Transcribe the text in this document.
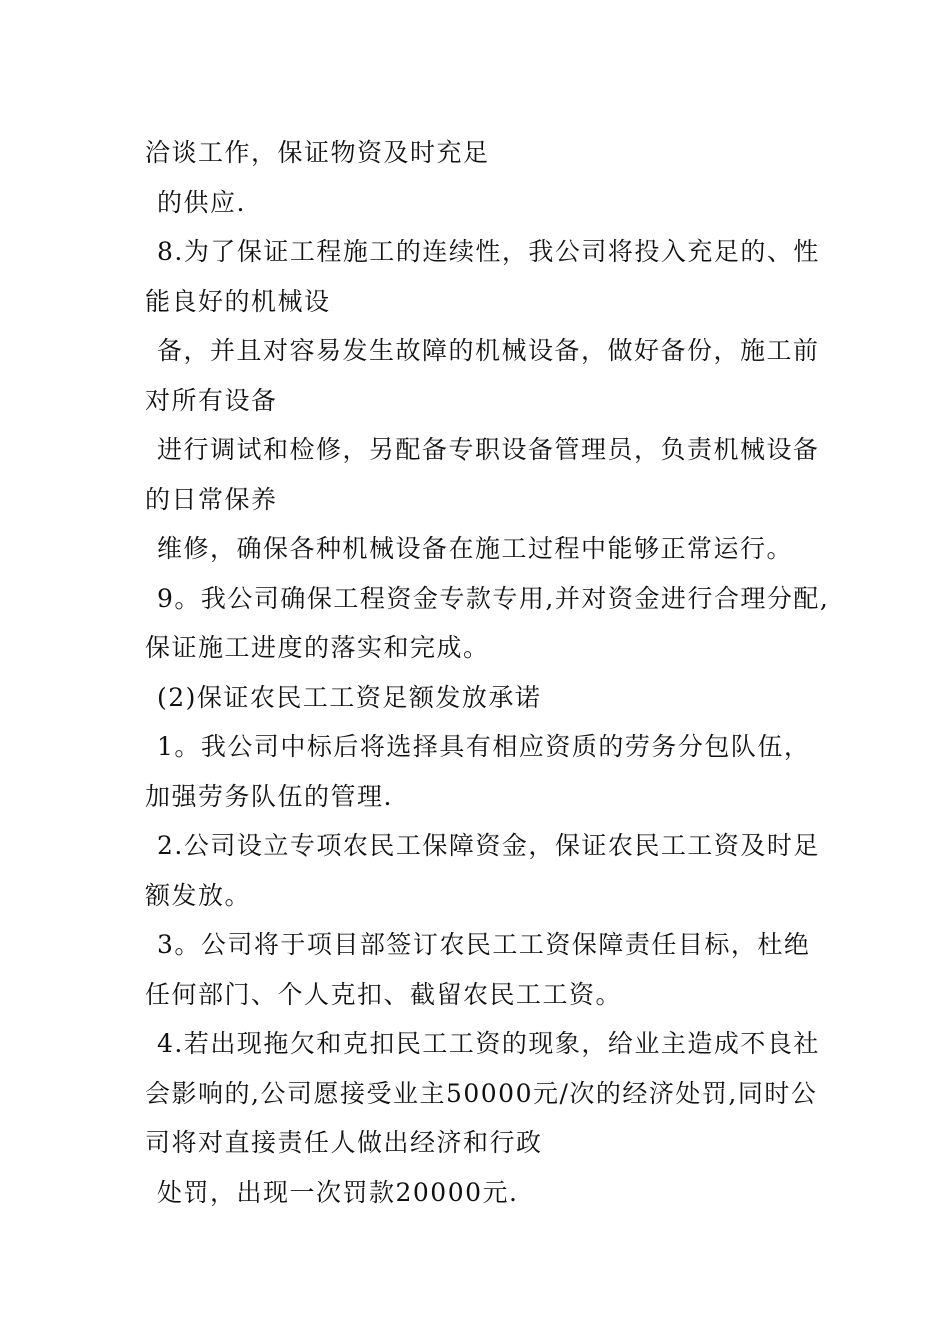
洽谈工作，保证物资及时充足
的供应.
8.为了保证工程施工的连续性，我公司将投入充足的、性
能良好的机械设
备，并且对容易发生故障的机械设备，做好备份，施工前
对所有设备
进行调试和检修，另配备专职设备管理员，负责机械设备
的日常保养
维修，确保各种机械设备在施工过程中能够正常运行。
9。我公司确保工程资金专款专用,并对资金进行合理分配,
保证施工进度的落实和完成。
(2)保证农民工工资足额发放承诺
1。我公司中标后将选择具有相应资质的劳务分包队伍，
加强劳务队伍的管理.
2.公司设立专项农民工保障资金，保证农民工工资及时足
额发放。
3。公司将于项目部签订农民工工资保障责任目标，杜绝
任何部门、个人克扣、截留农民工工资。
4.若出现拖欠和克扣民工工资的现象，给业主造成不良社
会影响的,公司愿接受业主50000元/次的经济处罚,同时公
司将对直接责任人做出经济和行政
处罚，出现一次罚款20000元.
